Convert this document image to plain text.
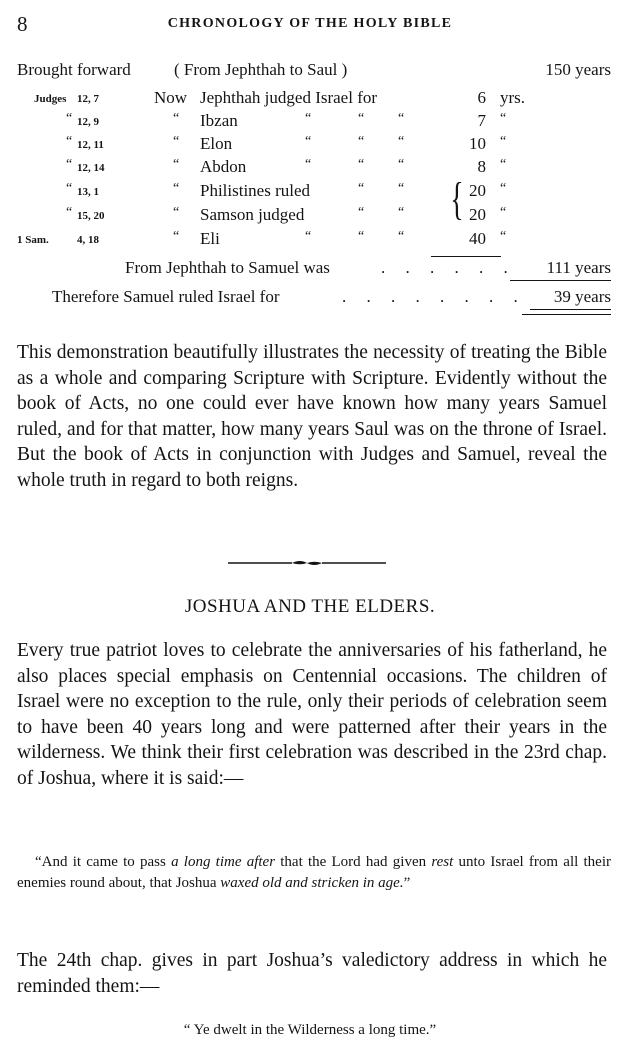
8	CHRONOLOGY OF THE HOLY BIBLE
Brought forward	( From Jephthah to Saul )	150 years
Judges 12, 7	Now Jephthah judged Israel for	6 yrs.
“ 12, 9	“ Ibzan	“	“ “	7 “
“ 12, 11	“ Elon	“	“ “	10 “
“ 12, 14	“ Abdon	“	“ “	8 “
“ 13, 1	“ Philistines ruled	“ “	20 “
“ 15, 20	“ Samson judged	“ “	20 “
1 Sam.	4, 18	“ Eli	“	“ “	40 “
{
From Jephthah to Samuel was	. . . . . . 111 years
Therefore Samuel ruled Israel for	. . . . . . . . 39 years

This demonstration beautifully illustrates the necessity of treating the Bible as a whole and comparing Scripture with Scripture. Evidently without the book of Acts, no one could ever have known how many years Samuel ruled, and for that matter, how many years Saul was on the throne of Israel. But the book of Acts in conjunction with Judges and Samuel, reveal the whole truth in regard to both reigns.

JOSHUA AND THE ELDERS.

Every true patriot loves to celebrate the anniversaries of his fatherland, he also places special emphasis on Centennial occasions. The children of Israel were no exception to the rule, only their periods of celebration seem to have been 40 years long and were patterned after their years in the wilderness. We think their first celebration was described in the 23rd chap. of Joshua, where it is said:—

“And it came to pass a long time after that the Lord had given rest unto Israel from all their enemies round about, that Joshua waxed old and stricken in age.”

The 24th chap. gives in part Joshua’s valedictory address in which he reminded them:—

“ Ye dwelt in the Wilderness a long time.”
